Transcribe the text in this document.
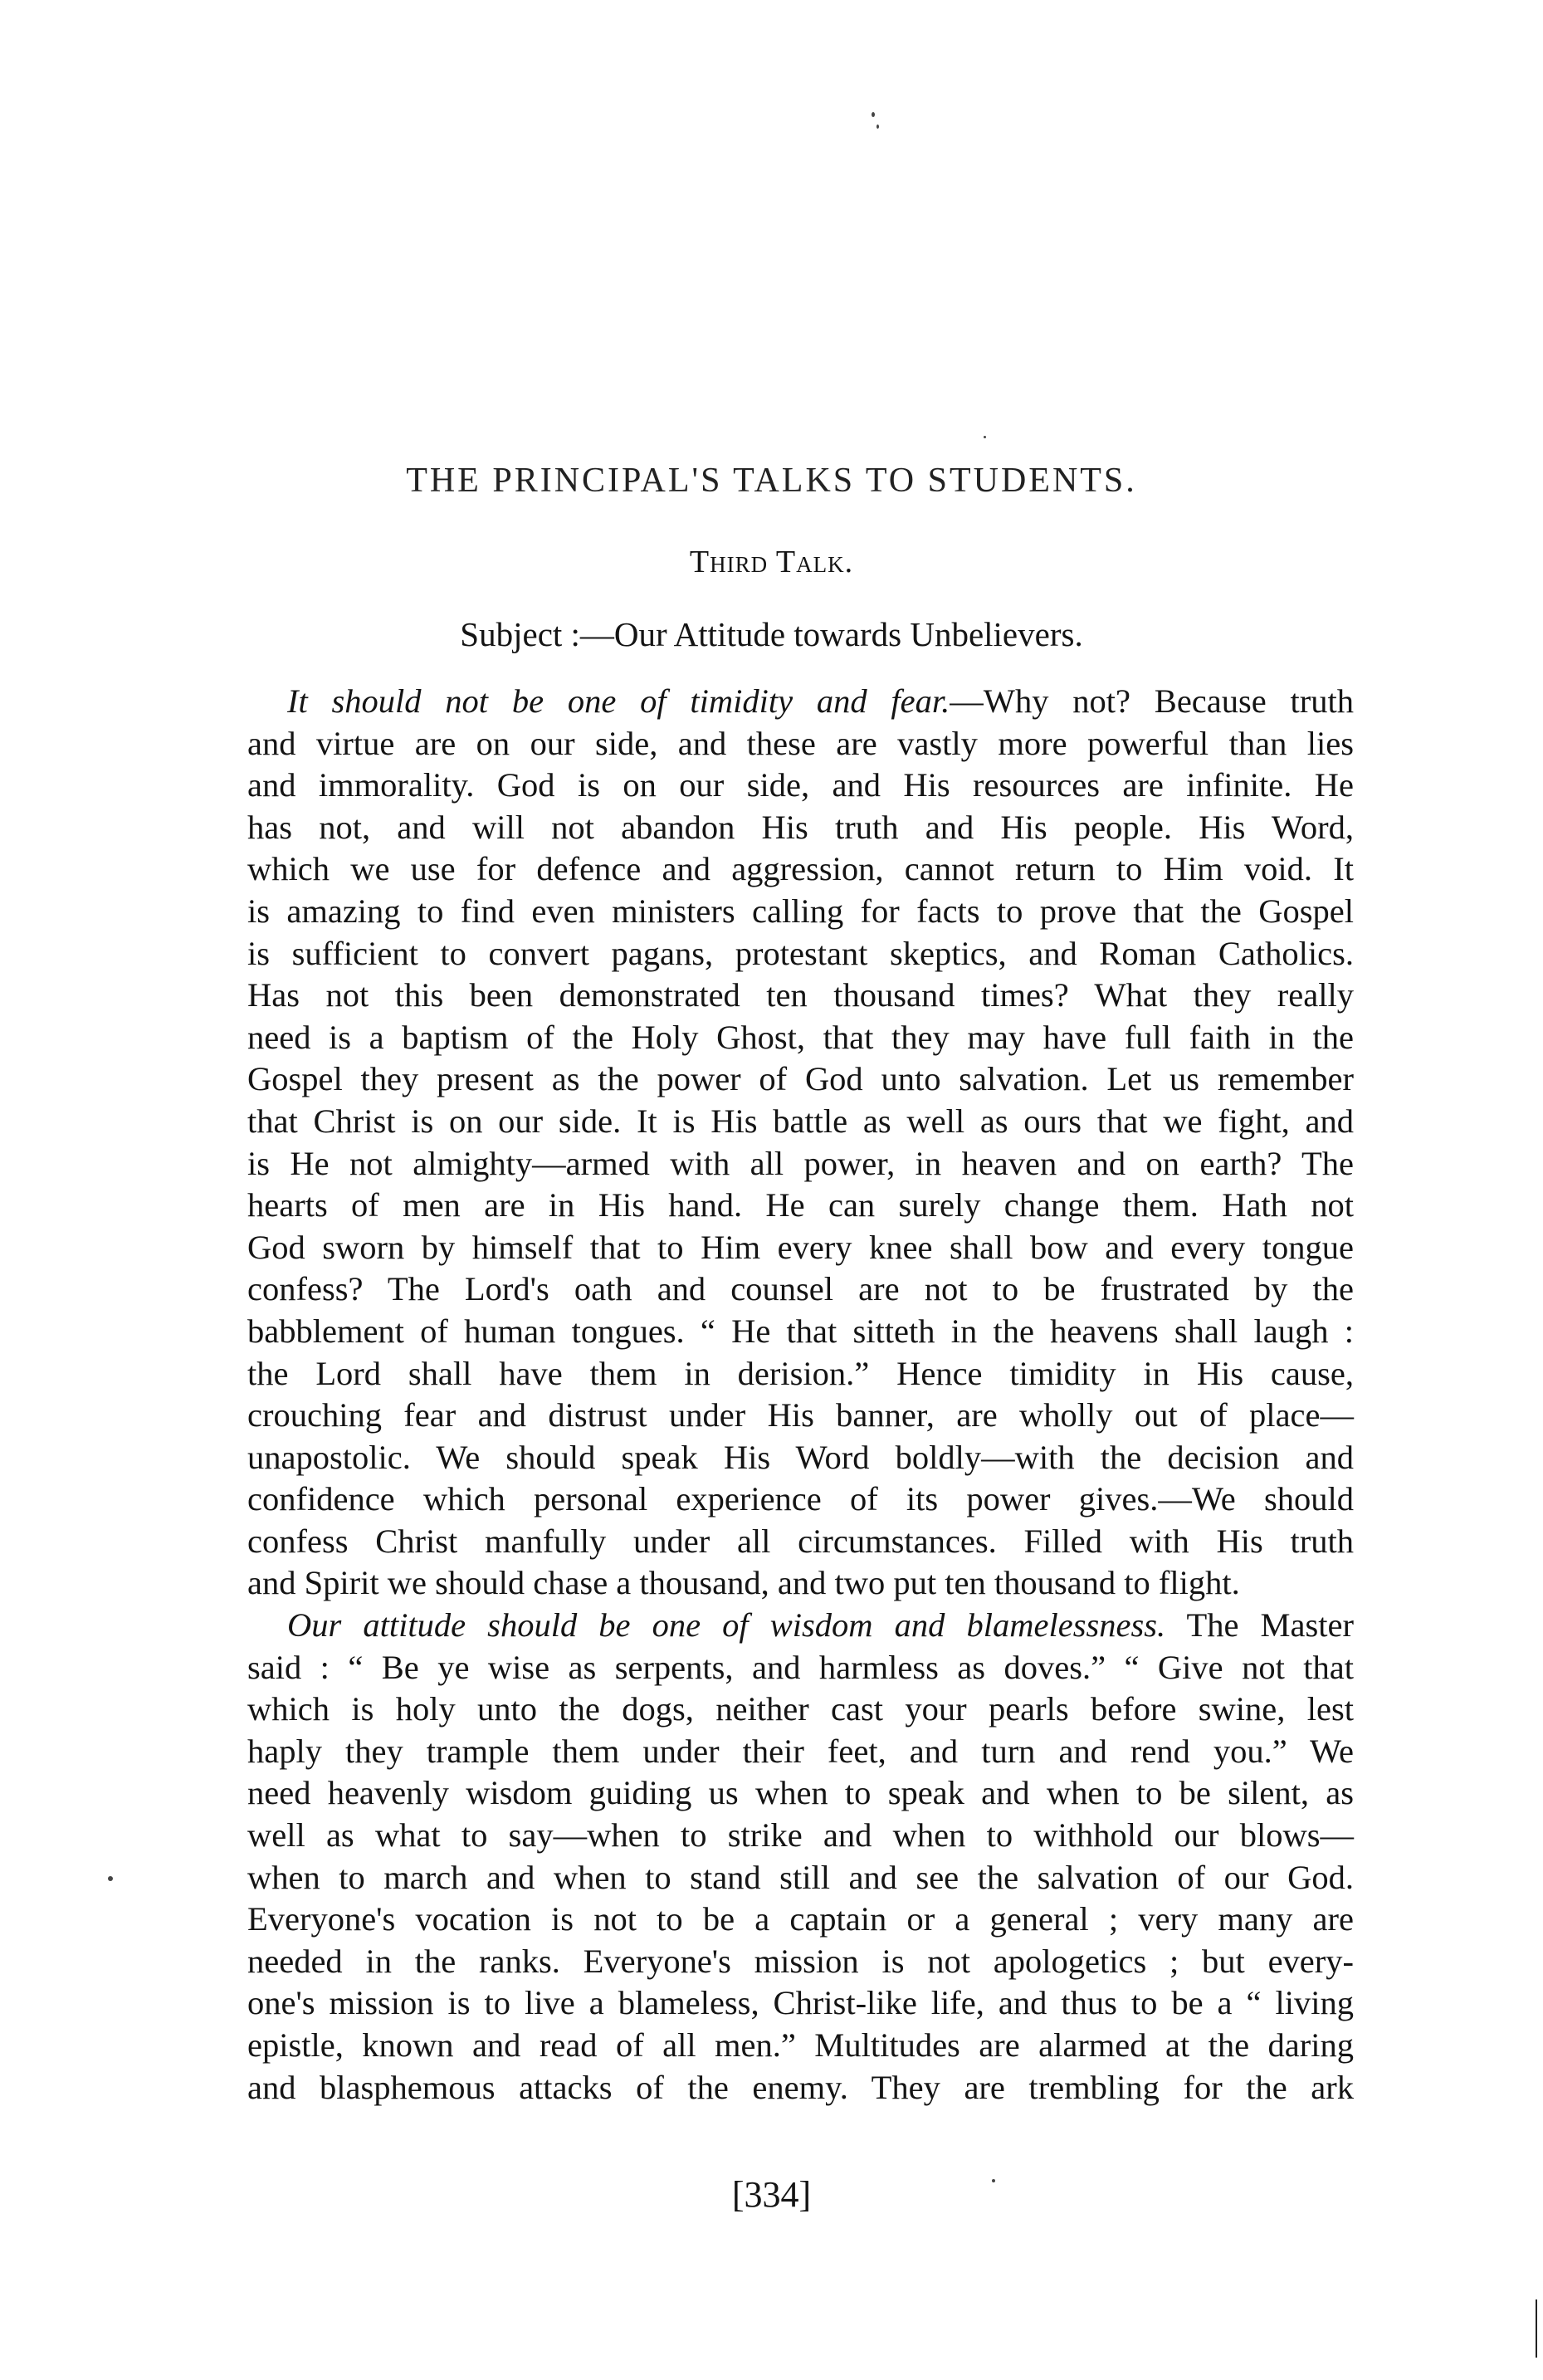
THE PRINCIPAL'S TALKS TO STUDENTS.
Third Talk.
Subject :—Our Attitude towards Unbelievers.
It should not be one of timidity and fear.—Why not? Because truth
and virtue are on our side, and these are vastly more powerful than lies
and immorality. God is on our side, and His resources are infinite. He
has not, and will not abandon His truth and His people. His Word,
which we use for defence and aggression, cannot return to Him void. It
is amazing to find even ministers calling for facts to prove that the Gospel
is sufficient to convert pagans, protestant skeptics, and Roman Catholics.
Has not this been demonstrated ten thousand times? What they really
need is a baptism of the Holy Ghost, that they may have full faith in the
Gospel they present as the power of God unto salvation. Let us remember
that Christ is on our side. It is His battle as well as ours that we fight, and
is He not almighty—armed with all power, in heaven and on earth? The
hearts of men are in His hand. He can surely change them. Hath not
God sworn by himself that to Him every knee shall bow and every tongue
confess? The Lord's oath and counsel are not to be frustrated by the
babblement of human tongues. “ He that sitteth in the heavens shall laugh :
the Lord shall have them in derision.” Hence timidity in His cause,
crouching fear and distrust under His banner, are wholly out of place—
unapostolic. We should speak His Word boldly—with the decision and
confidence which personal experience of its power gives.—We should
confess Christ manfully under all circumstances. Filled with His truth
and Spirit we should chase a thousand, and two put ten thousand to flight.
Our attitude should be one of wisdom and blamelessness. The Master
said : “ Be ye wise as serpents, and harmless as doves.” “ Give not that
which is holy unto the dogs, neither cast your pearls before swine, lest
haply they trample them under their feet, and turn and rend you.” We
need heavenly wisdom guiding us when to speak and when to be silent, as
well as what to say—when to strike and when to withhold our blows—
when to march and when to stand still and see the salvation of our God.
Everyone's vocation is not to be a captain or a general ; very many are
needed in the ranks. Everyone's mission is not apologetics ; but every-
one's mission is to live a blameless, Christ-like life, and thus to be a “ living
epistle, known and read of all men.” Multitudes are alarmed at the daring
and blasphemous attacks of the enemy. They are trembling for the ark
[334]
